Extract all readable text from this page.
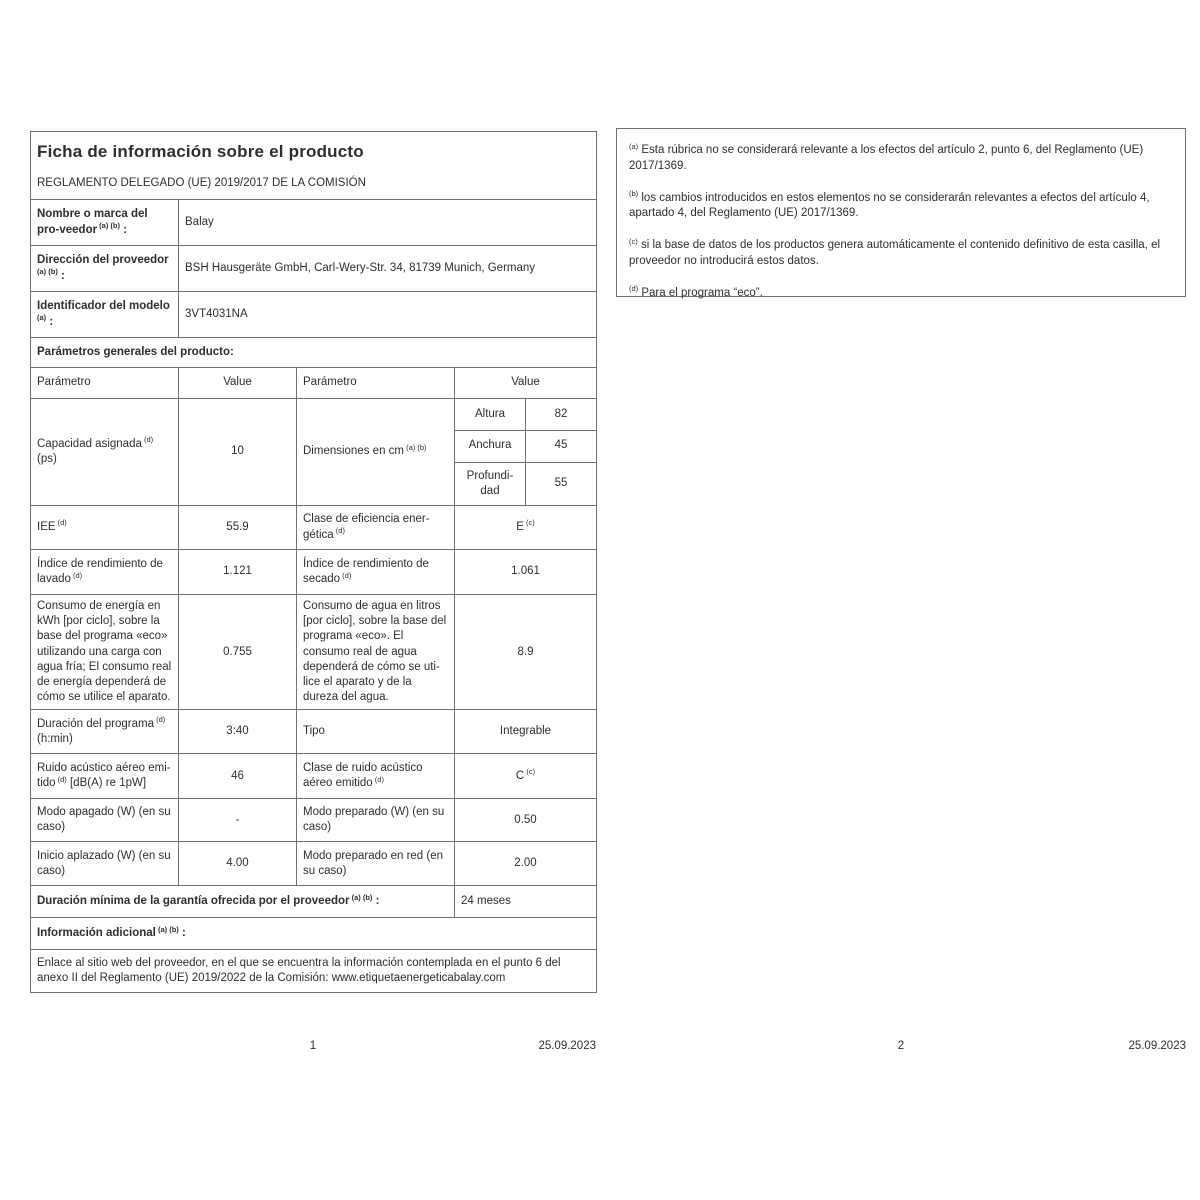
Ficha de información sobre el producto
REGLAMENTO DELEGADO (UE) 2019/2017 DE LA COMISIÓN

Nombre o marca del pro-veedor $^{(a) (b)}$ :	Balay
Dirección del proveedor $^{(a) (b)}$ :	BSH Hausgeräte GmbH, Carl-Wery-Str. 34, 81739 Munich, Germany
Identificador del modelo $^{(a)}$ :	3VT4031NA
Parámetros generales del producto:
Parámetro	Value	Parámetro	Value
Capacidad asignada $^{(d)}$ (ps)	10	Dimensiones en cm $^{(a) (b)}$	
Altura	82
Anchura	45
Profundi-dad	55

IEE $^{(d)}$	55.9	Clase de eficiencia ener-gética $^{(d)}$	E $^{(c)}$
Índice de rendimiento de lavado $^{(d)}$	1.121	Índice de rendimiento de secado $^{(d)}$	1.061
Consumo de energía en kWh [por ciclo], sobre la base del programa «eco» utilizando una carga con agua fría; El consumo real de energía dependerá de cómo se utilice el aparato.	0.755	Consumo de agua en litros [por ciclo], sobre la base del programa «eco». El consumo real de agua dependerá de cómo se uti-lice el aparato y de la dureza del agua.	8.9
Duración del programa $^{(d)}$ (h:min)	3:40	Tipo	Integrable
Ruido acústico aéreo emi-tido $^{(d)}$ [dB(A) re 1pW]	46	Clase de ruido acústico aéreo emitido $^{(d)}$	C $^{(c)}$
Modo apagado (W) (en su caso)	-	Modo preparado (W) (en su caso)	0.50
Inicio aplazado (W) (en su caso)	4.00	Modo preparado en red (en su caso)	2.00
Duración mínima de la garantía ofrecida por el proveedor $^{(a) (b)}$ :	24 meses
Información adicional $^{(a) (b)}$ :
Enlace al sitio web del proveedor, en el que se encuentra la información contemplada en el punto 6 del anexo II del Reglamento (UE) 2019/2022 de la Comisión: www.etiquetaenergeticabalay.com

$^{(a)}$ Esta rúbrica no se considerará relevante a los efectos del artículo 2, punto 6, del Reglamento (UE) 2017/1369.

$^{(b)}$ los cambios introducidos en estos elementos no se considerarán relevantes a efectos del artículo 4, apartado 4, del Reglamento (UE) 2017/1369.

$^{(c)}$ si la base de datos de los productos genera automáticamente el contenido definitivo de esta casilla, el proveedor no introducirá estos datos.

$^{(d)}$ Para el programa “eco”.

1	25.09.2023	2	25.09.2023
